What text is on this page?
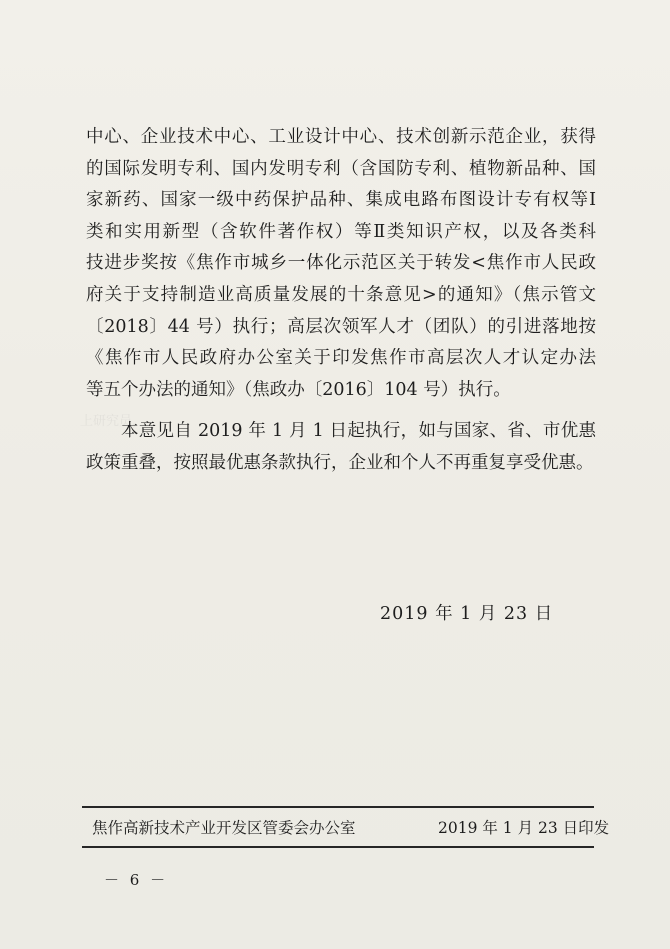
上研究员，
中心、企业技术中心、工业设计中心、技术创新示范企业，获得
的国际发明专利、国内发明专利（含国防专利、植物新品种、国
家新药、国家一级中药保护品种、集成电路布图设计专有权等Ⅰ
类和实用新型（含软件著作权）等Ⅱ类知识产权，以及各类科
技进步奖按《焦作市城乡一体化示范区关于转发<焦作市人民政
府关于支持制造业高质量发展的十条意见>的通知》（焦示管文
〔2018〕44 号）执行；高层次领军人才（团队）的引进落地按
《焦作市人民政府办公室关于印发焦作市高层次人才认定办法
等五个办法的通知》（焦政办〔2016〕104 号）执行。
本意见自 2019 年 1 月 1 日起执行，如与国家、省、市优惠
政策重叠，按照最优惠条款执行，企业和个人不再重复享受优惠。
2019 年 1 月 23 日
焦作高新技术产业开发区管委会办公室	2019 年 1 月 23 日印发
－ 6 －
